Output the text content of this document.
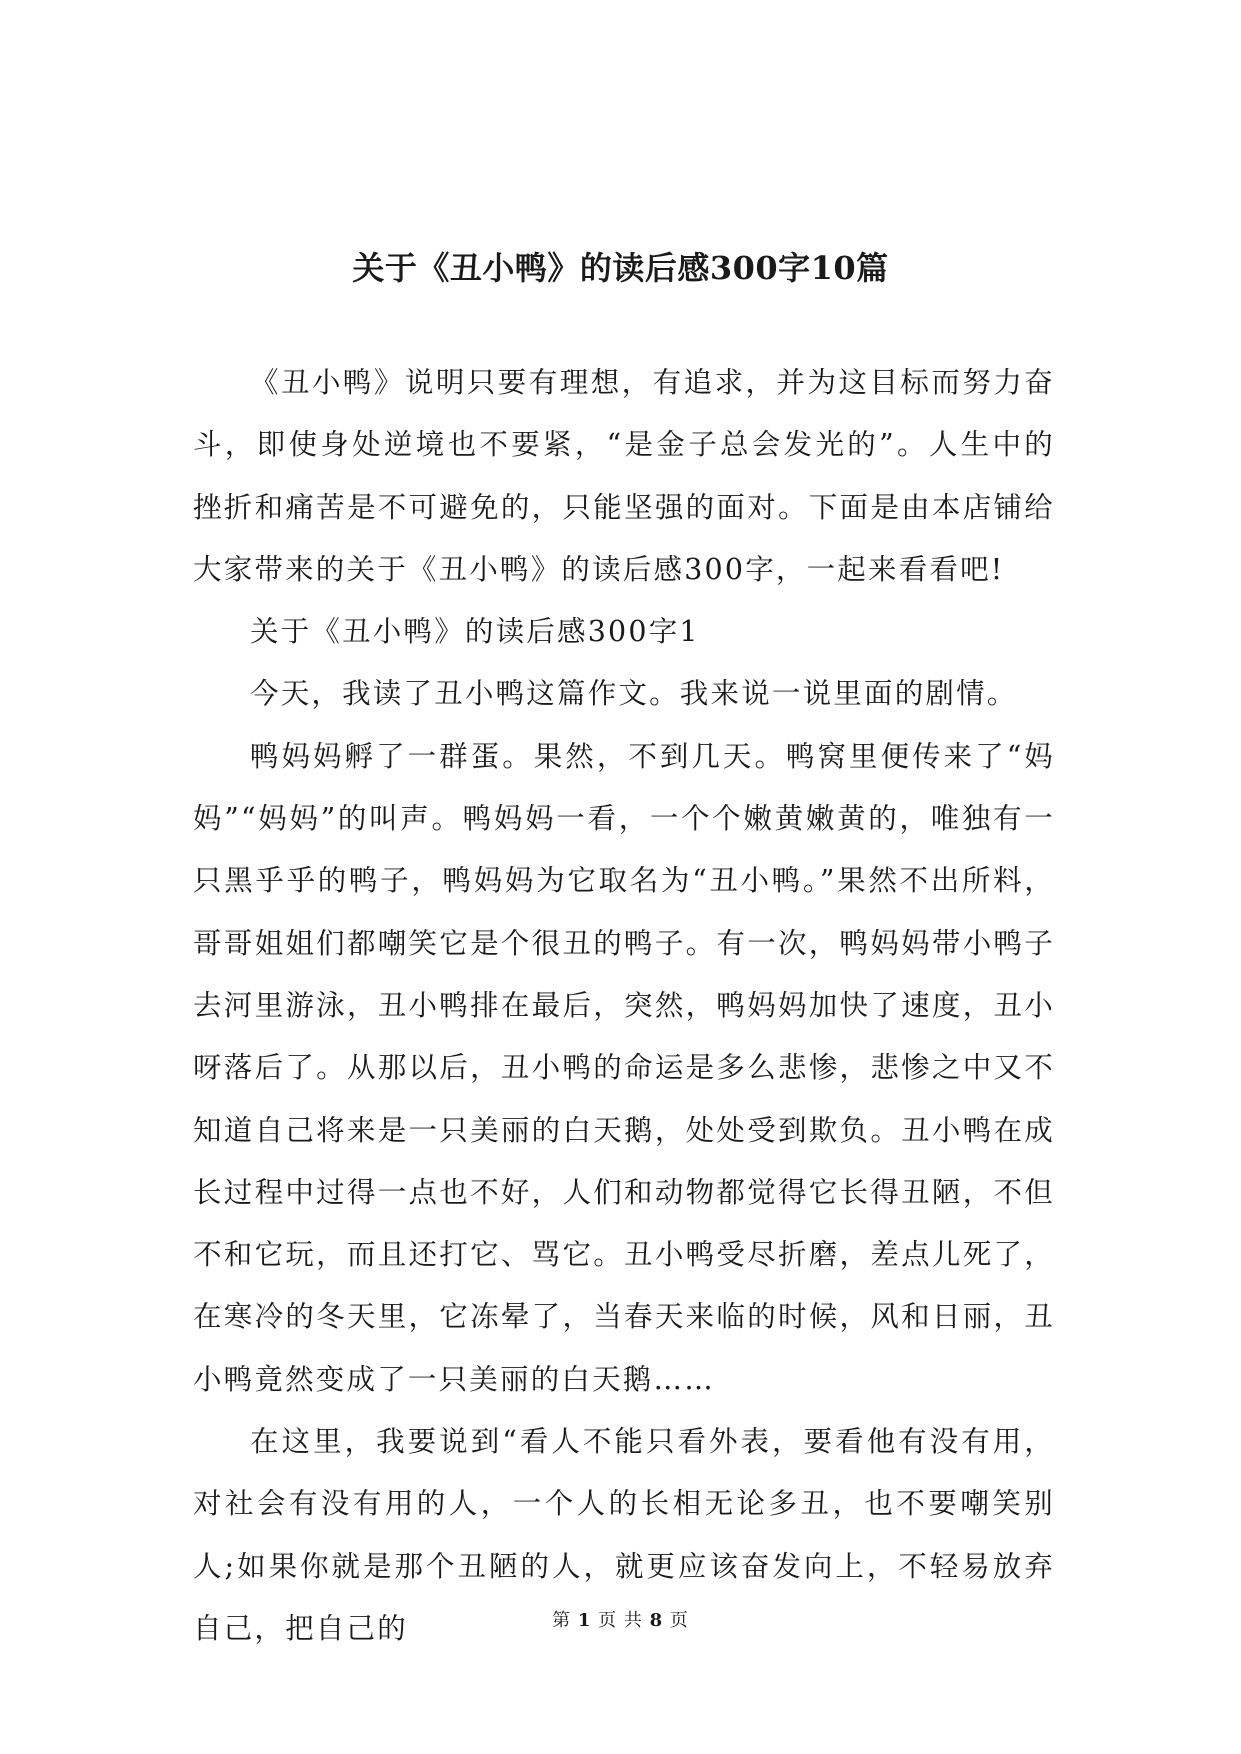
关于《丑小鸭》的读后感300字10篇

《丑小鸭》说明只要有理想，有追求，并为这目标而努力奋斗，即使身处逆境也不要紧，“是金子总会发光的”。人生中的挫折和痛苦是不可避免的，只能坚强的面对。下面是由本店铺给大家带来的关于《丑小鸭》的读后感300字，一起来看看吧!

关于《丑小鸭》的读后感300字1

今天，我读了丑小鸭这篇作文。我来说一说里面的剧情。

鸭妈妈孵了一群蛋。果然，不到几天。鸭窝里便传来了“妈妈”“妈妈”的叫声。鸭妈妈一看，一个个嫩黄嫩黄的，唯独有一只黑乎乎的鸭子，鸭妈妈为它取名为“丑小鸭。”果然不出所料，哥哥姐姐们都嘲笑它是个很丑的鸭子。有一次，鸭妈妈带小鸭子去河里游泳，丑小鸭排在最后，突然，鸭妈妈加快了速度，丑小呀落后了。从那以后，丑小鸭的命运是多么悲惨，悲惨之中又不知道自己将来是一只美丽的白天鹅，处处受到欺负。丑小鸭在成长过程中过得一点也不好，人们和动物都觉得它长得丑陋，不但不和它玩，而且还打它、骂它。丑小鸭受尽折磨，差点儿死了，在寒冷的冬天里，它冻晕了，当春天来临的时候，风和日丽，丑小鸭竟然变成了一只美丽的白天鹅……

在这里，我要说到“看人不能只看外表，要看他有没有用，对社会有没有用的人，一个人的长相无论多丑，也不要嘲笑别人;如果你就是那个丑陋的人，就更应该奋发向上，不轻易放弃自己，把自己的	第 1 页 共 8 页
